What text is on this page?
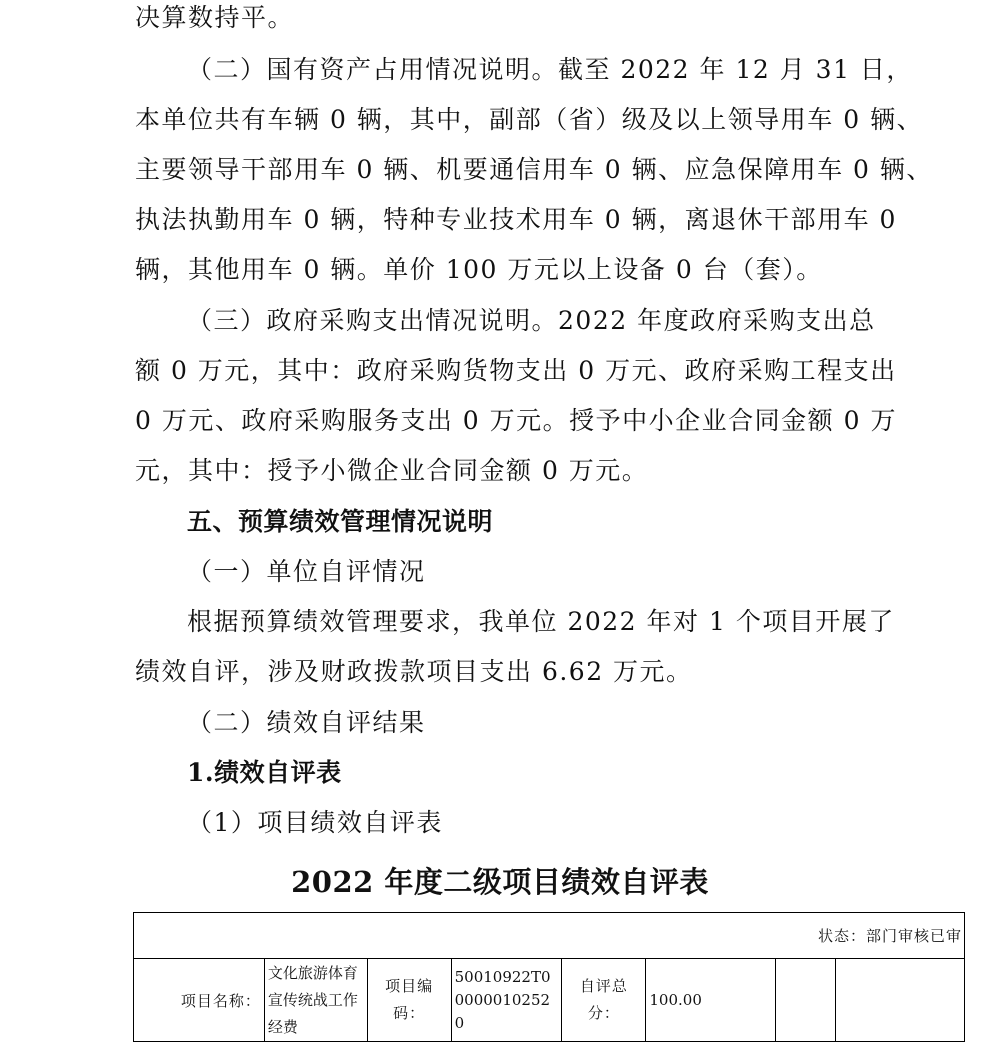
决算数持平。
（二）国有资产占用情况说明。截至 2022 年 12 月 31 日，
本单位共有车辆 0 辆，其中，副部（省）级及以上领导用车 0 辆、
主要领导干部用车 0 辆、机要通信用车 0 辆、应急保障用车 0 辆、
执法执勤用车 0 辆，特种专业技术用车 0 辆，离退休干部用车 0
辆，其他用车 0 辆。单价 100 万元以上设备 0 台（套）。
（三）政府采购支出情况说明。2022 年度政府采购支出总
额 0 万元，其中：政府采购货物支出 0 万元、政府采购工程支出
0 万元、政府采购服务支出 0 万元。授予中小企业合同金额 0 万
元，其中：授予小微企业合同金额 0 万元。
五、预算绩效管理情况说明
（一）单位自评情况
根据预算绩效管理要求，我单位 2022 年对 1 个项目开展了
绩效自评，涉及财政拨款项目支出 6.62 万元。
（二）绩效自评结果
1.绩效自评表
（1）项目绩效自评表
2022 年度二级项目绩效自评表
状态：部门审核已审
项目名称：	文化旅游体育宣传统战工作经费	项目编码：	50010922T000000102520	自评总分：	100.00		
